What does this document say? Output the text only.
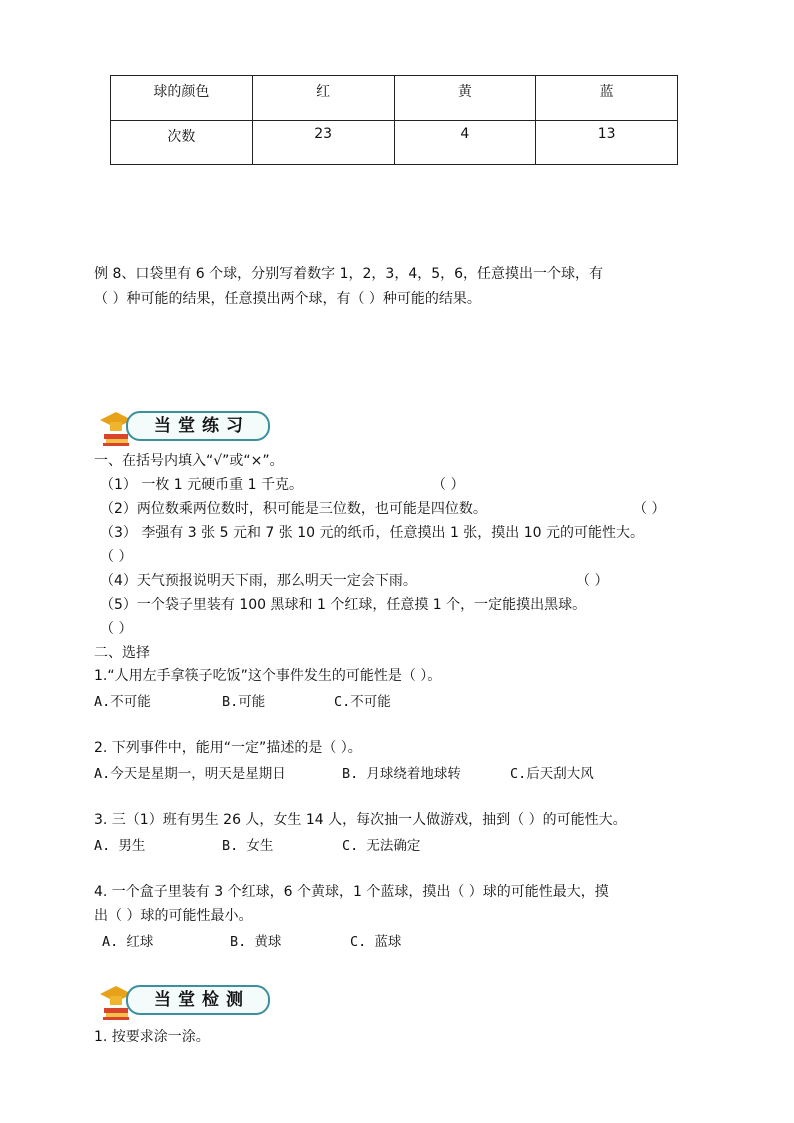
球的颜色	红	黄	蓝
次数	23	4	13
例 8、口袋里有 6 个球，分别写着数字 1，2，3，4，5，6，任意摸出一个球，有
（ ）种可能的结果，任意摸出两个球，有（ ）种可能的结果。
当堂练习
一、在括号内填入“√”或“×”。
（1） 一枚 1 元硬币重 1 千克。	（ ）
（2）两位数乘两位数时，积可能是三位数，也可能是四位数。	（ ）
（3） 李强有 3 张 5 元和 7 张 10 元的纸币，任意摸出 1 张，摸出 10 元的可能性大。
（ ）
（4）天气预报说明天下雨，那么明天一定会下雨。	（ ）
（5）一个袋子里装有 100 黑球和 1 个红球，任意摸 1 个，一定能摸出黑球。
（ ）
二、选择
1.“人用左手拿筷子吃饭”这个事件发生的可能性是（ ）。
A.不可能	B.可能	C.不可能
2. 下列事件中，能用“一定”描述的是（ ）。
A.今天是星期一，明天是星期日	B. 月球绕着地球转	C.后天刮大风
3. 三（1）班有男生 26 人，女生 14 人，每次抽一人做游戏，抽到（ ）的可能性大。
A. 男生	B. 女生	C. 无法确定
4. 一个盒子里装有 3 个红球，6 个黄球，1 个蓝球，摸出（ ）球的可能性最大，摸
出（ ）球的可能性最小。
A. 红球	B. 黄球	C. 蓝球
当堂检测
1. 按要求涂一涂。
